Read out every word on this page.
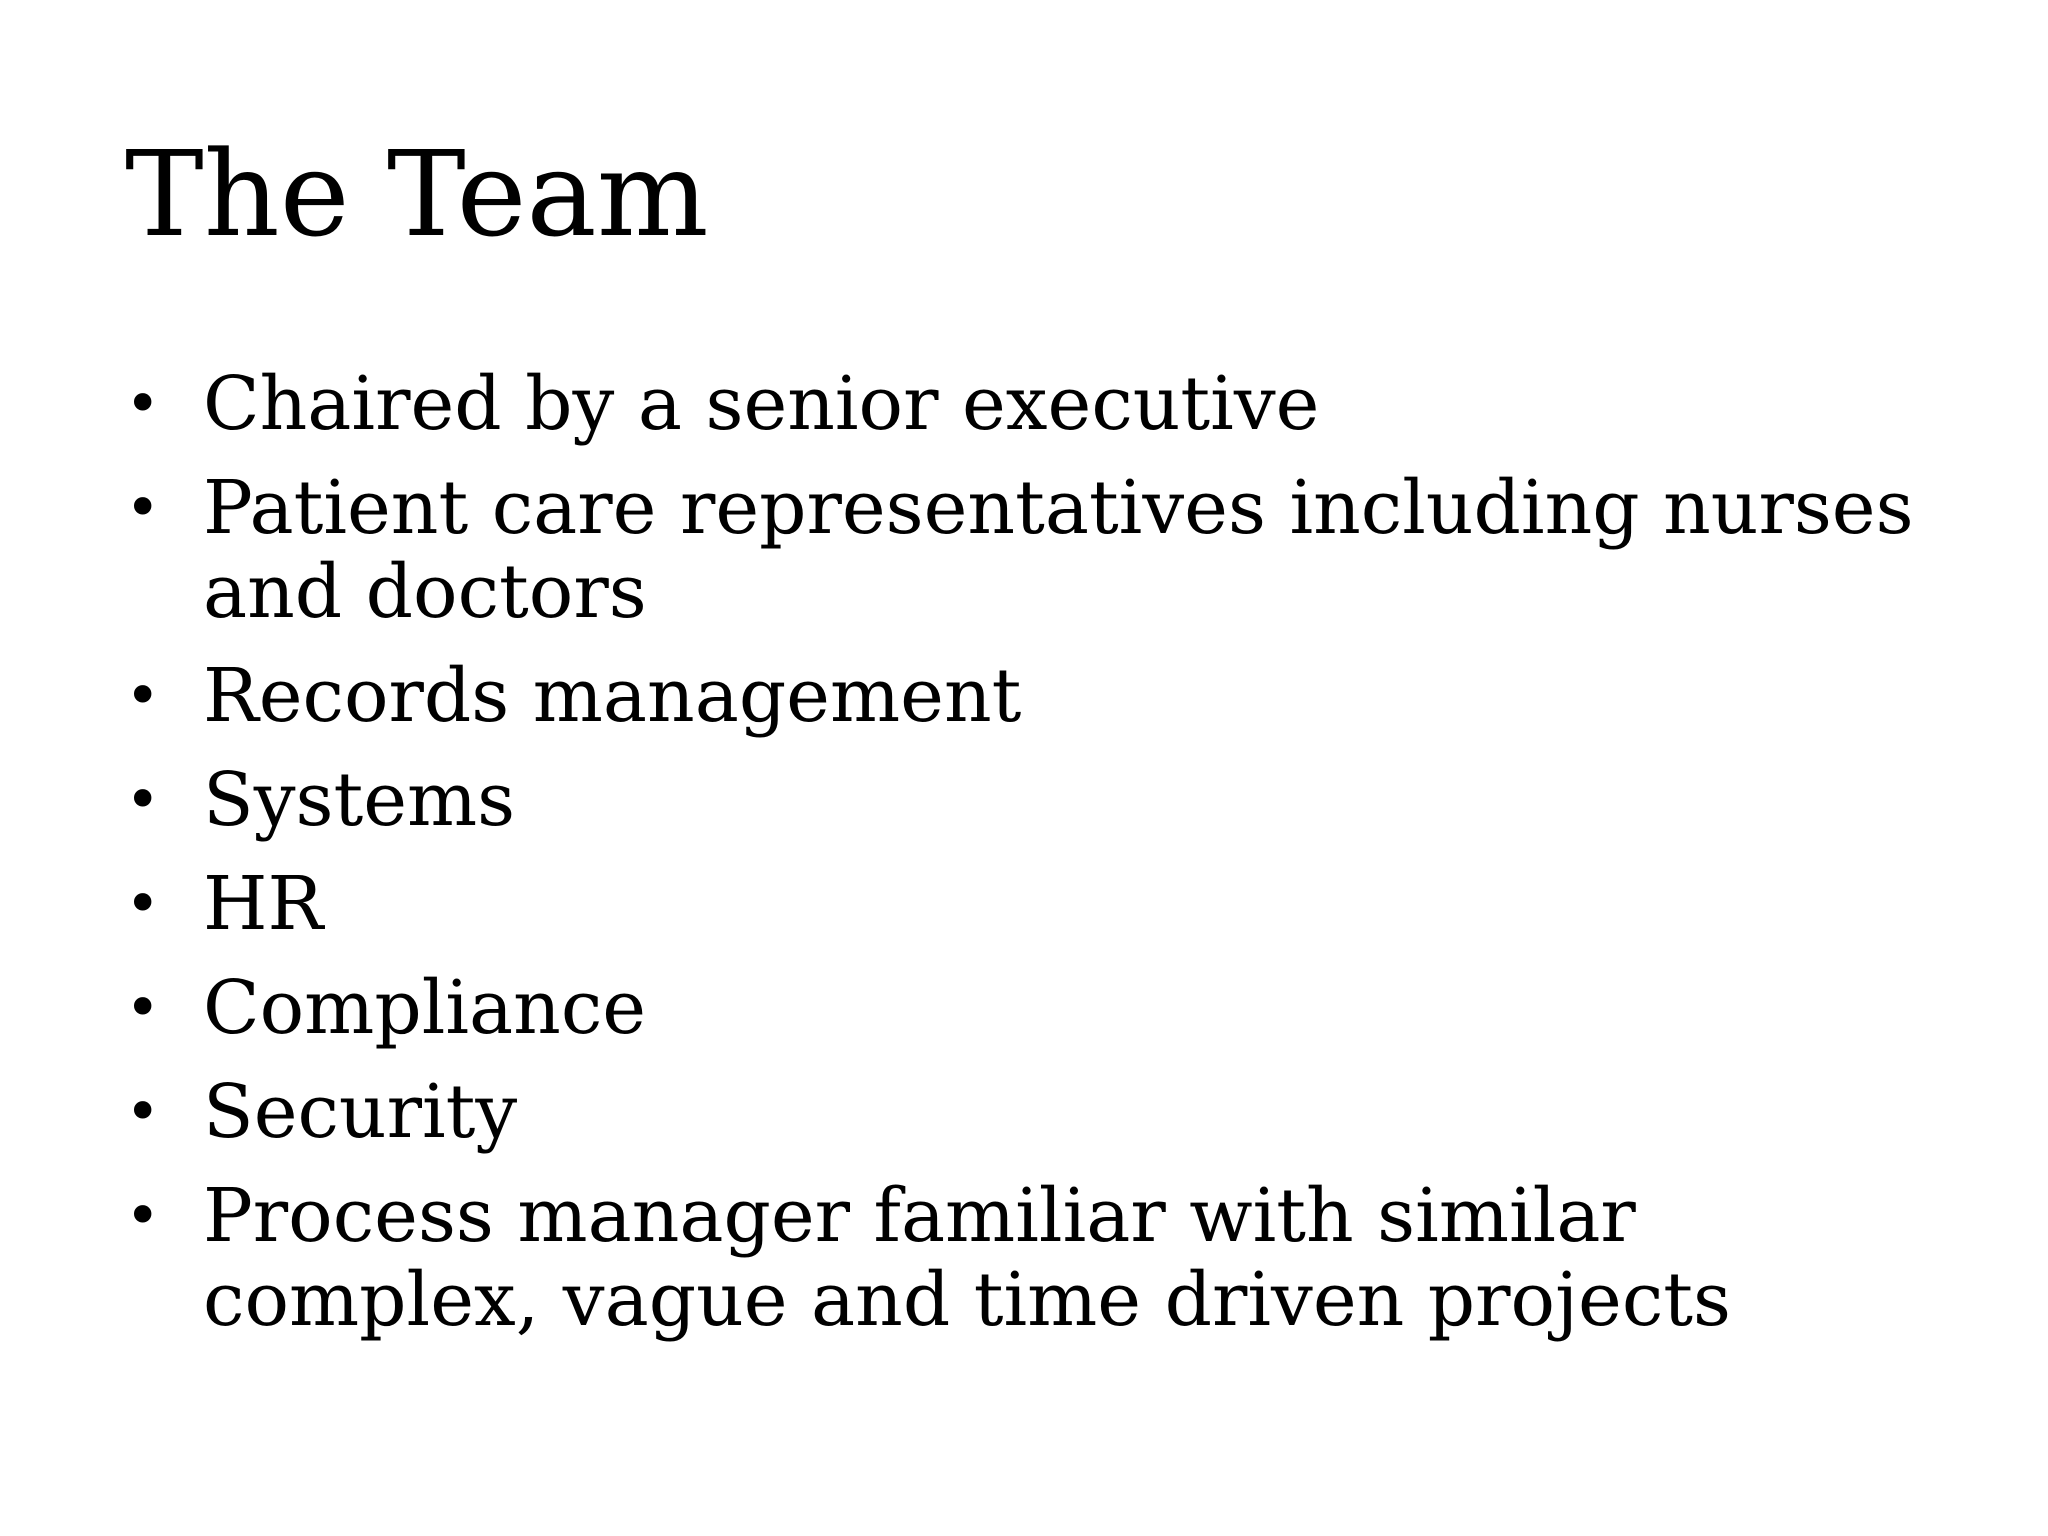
The Team
• Chaired by a senior executive
• Patient care representatives including nurses and doctors
• Records management
• Systems
• HR
• Compliance
• Security
• Process manager familiar with similar complex, vague and time driven projects
